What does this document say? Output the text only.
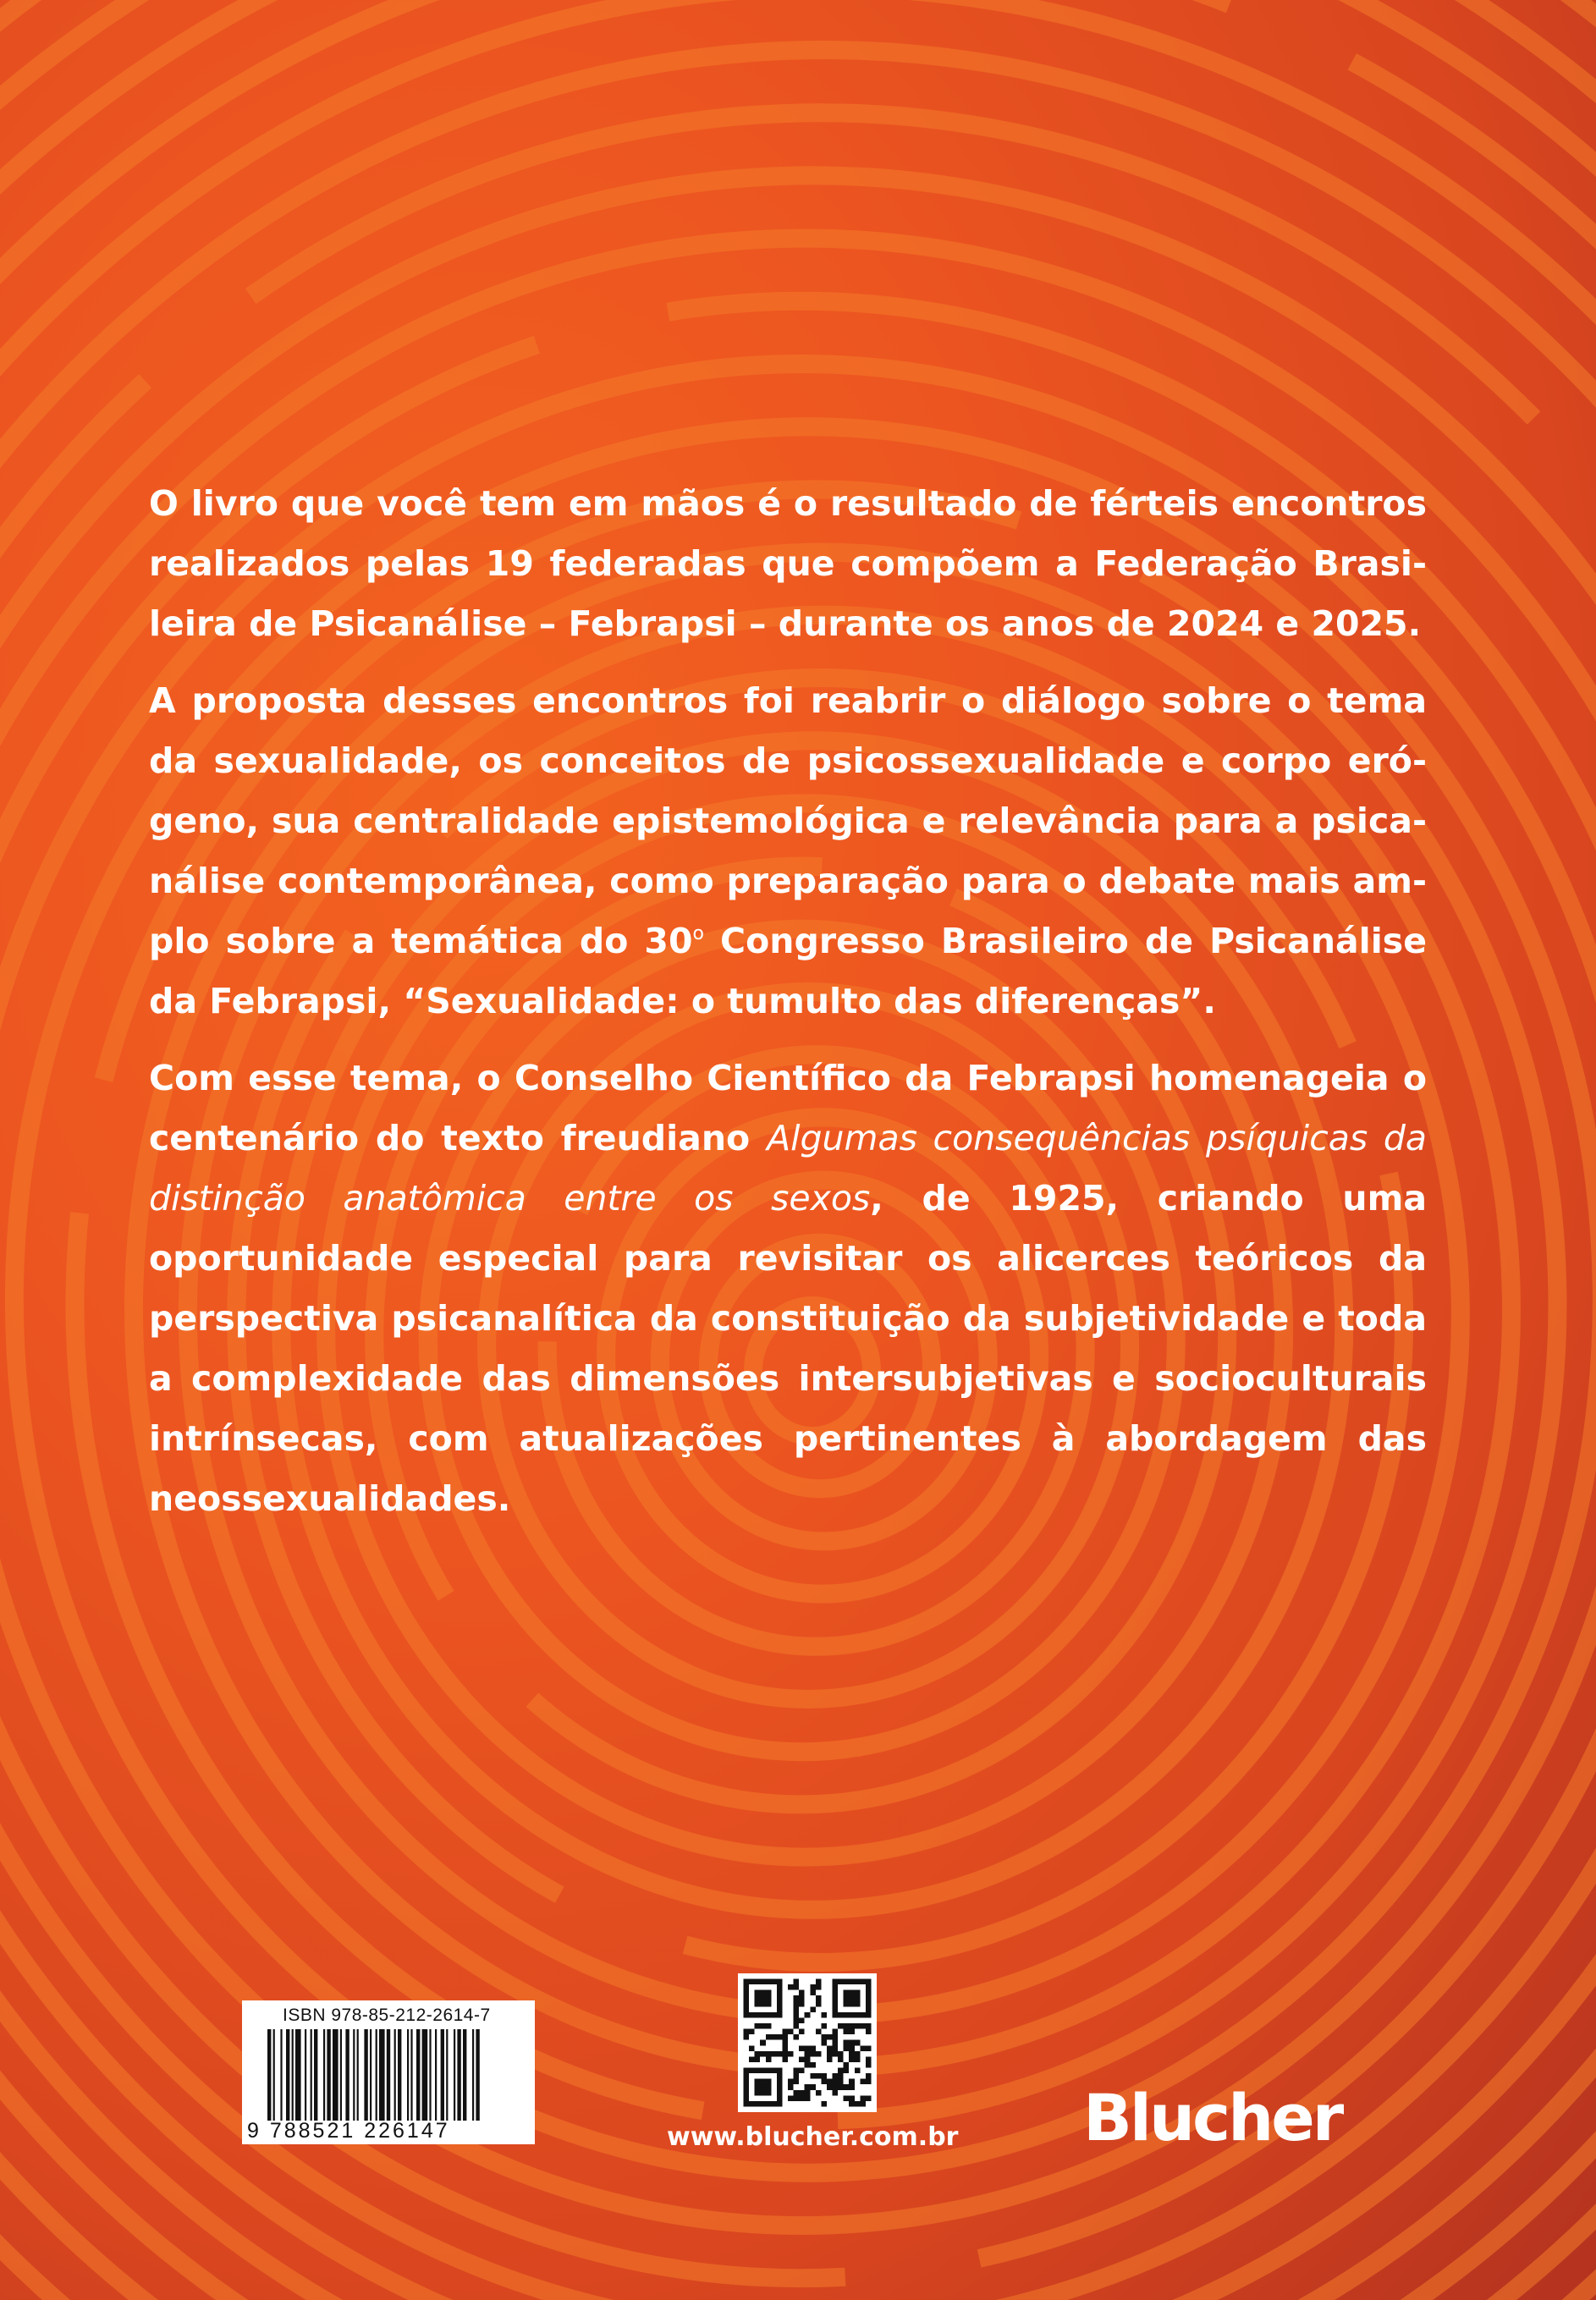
O livro que você tem em mãos é o resultado de férteis encontros realizados pelas 19 federadas que compõem a Federação Brasileira de Psicanálise – Febrapsi – durante os anos de 2024 e 2025.

A proposta desses encontros foi reabrir o diálogo sobre o tema da sexualidade, os conceitos de psicossexualidade e corpo erógeno, sua centralidade epistemológica e relevância para a psicanálise contemporânea, como preparação para o debate mais amplo sobre a temática do 30$^o$ Congresso Brasileiro de Psicanálise da Febrapsi, “Sexualidade: o tumulto das diferenças”.

Com esse tema, o Conselho Científico da Febrapsi homenageia o centenário do texto freudiano Algumas consequências psíquicas da distinção anatômica entre os sexos, de 1925, criando uma oportunidade especial para revisitar os alicerces teóricos da perspectiva psicanalítica da constituição da subjetividade e toda a complexidade das dimensões intersubjetivas e socioculturais intrínsecas, com atualizações pertinentes à abordagem das neossexualidades.

ISBN 978-85-212-2614-7
9 788521 226147	www.blucher.com.br Blucher
